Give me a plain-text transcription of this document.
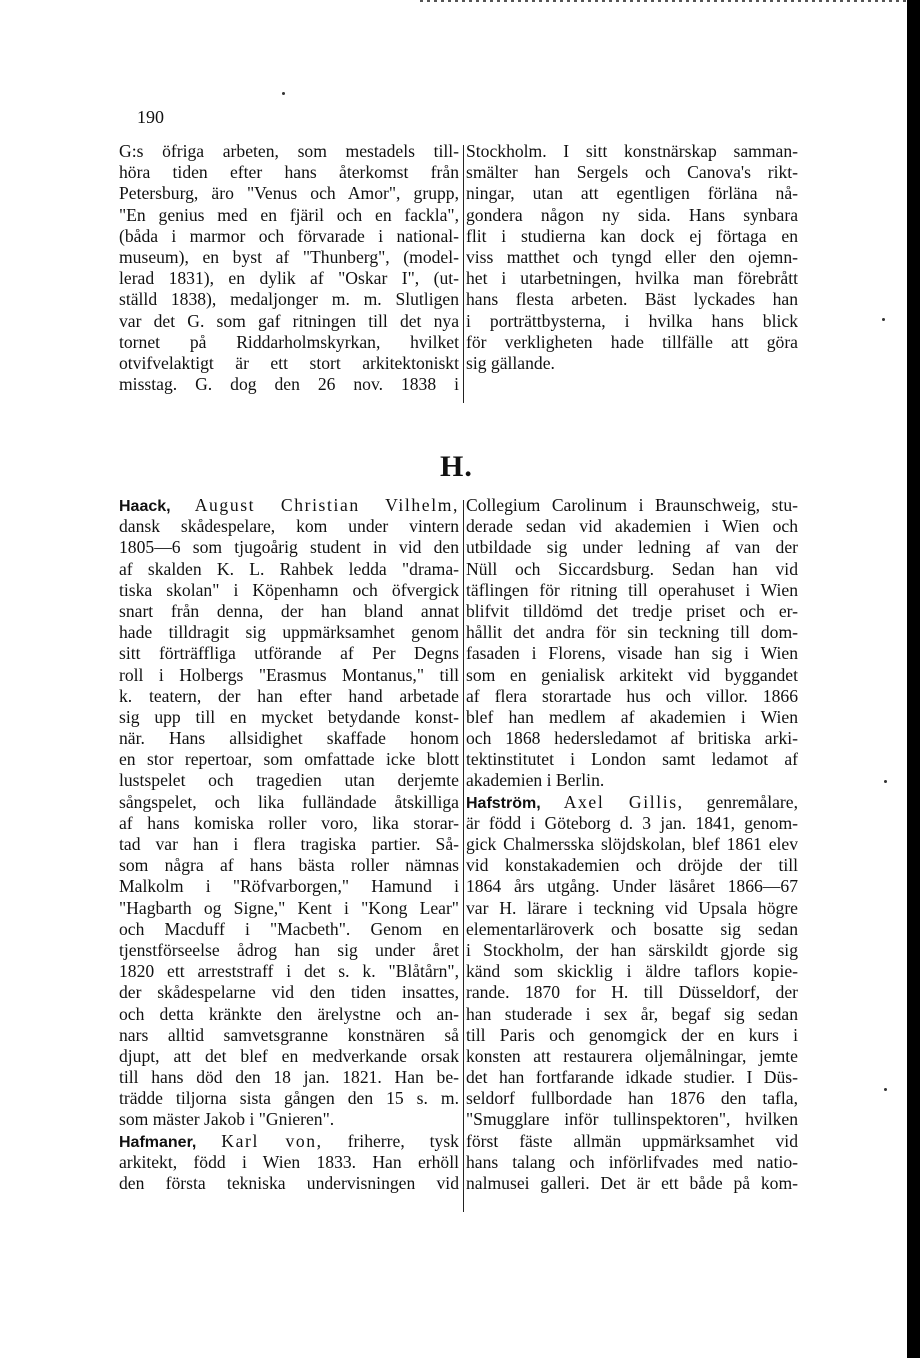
190
G:s öfriga arbeten, som mestadels till-
höra tiden efter hans återkomst från
Petersburg, äro "Venus och Amor", grupp,
"En genius med en fjäril och en fackla",
(båda i marmor och förvarade i national-
museum), en byst af "Thunberg", (model-
lerad 1831), en dylik af "Oskar I", (ut-
ställd 1838), medaljonger m. m. Slutligen
var det G. som gaf ritningen till det nya
tornet på Riddarholmskyrkan, hvilket
otvifvelaktigt är ett stort arkitektoniskt
misstag. G. dog den 26 nov. 1838 i
Stockholm. I sitt konstnärskap samman-
smälter han Sergels och Canova's rikt-
ningar, utan att egentligen förläna nå-
gondera någon ny sida. Hans synbara
flit i studierna kan dock ej förtaga en
viss matthet och tyngd eller den ojemn-
het i utarbetningen, hvilka man förebrått
hans flesta arbeten. Bäst lyckades han
i porträttbysterna, i hvilka hans blick
för verkligheten hade tillfälle att göra
sig gällande.
H.
Haack, August Christian Vilhelm,
dansk skådespelare, kom under vintern
1805—6 som tjugoårig student in vid den
af skalden K. L. Rahbek ledda "drama-
tiska skolan" i Köpenhamn och öfvergick
snart från denna, der han bland annat
hade tilldragit sig uppmärksamhet genom
sitt förträffliga utförande af Per Degns
roll i Holbergs "Erasmus Montanus," till
k. teatern, der han efter hand arbetade
sig upp till en mycket betydande konst-
när. Hans allsidighet skaffade honom
en stor repertoar, som omfattade icke blott
lustspelet och tragedien utan derjemte
sångspelet, och lika fulländade åtskilliga
af hans komiska roller voro, lika storar-
tad var han i flera tragiska partier. Så-
som några af hans bästa roller nämnas
Malkolm i "Röfvarborgen," Hamund i
"Hagbarth og Signe," Kent i "Kong Lear"
och Macduff i "Macbeth". Genom en
tjenstförseelse ådrog han sig under året
1820 ett arreststraff i det s. k. "Blåtårn",
der skådespelarne vid den tiden insattes,
och detta kränkte den ärelystne och an-
nars alltid samvetsgranne konstnären så
djupt, att det blef en medverkande orsak
till hans död den 18 jan. 1821. Han be-
trädde tiljorna sista gången den 15 s. m.
som mäster Jakob i "Gnieren".
Hafmaner, Karl von, friherre, tysk
arkitekt, född i Wien 1833. Han erhöll
den första tekniska undervisningen vid
Collegium Carolinum i Braunschweig, stu-
derade sedan vid akademien i Wien och
utbildade sig under ledning af van der
Nüll och Siccardsburg. Sedan han vid
täflingen för ritning till operahuset i Wien
blifvit tilldömd det tredje priset och er-
hållit det andra för sin teckning till dom-
fasaden i Florens, visade han sig i Wien
som en genialisk arkitekt vid byggandet
af flera storartade hus och villor. 1866
blef han medlem af akademien i Wien
och 1868 hedersledamot af britiska arki-
tektinstitutet i London samt ledamot af
akademien i Berlin.
Hafström, Axel Gillis, genremålare,
är född i Göteborg d. 3 jan. 1841, genom-
gick Chalmersska slöjdskolan, blef 1861 elev
vid konstakademien och dröjde der till
1864 års utgång. Under läsåret 1866—67
var H. lärare i teckning vid Upsala högre
elementarläroverk och bosatte sig sedan
i Stockholm, der han särskildt gjorde sig
känd som skicklig i äldre taflors kopie-
rande. 1870 for H. till Düsseldorf, der
han studerade i sex år, begaf sig sedan
till Paris och genomgick der en kurs i
konsten att restaurera oljemålningar, jemte
det han fortfarande idkade studier. I Düs-
seldorf fullbordade han 1876 den tafla,
"Smugglare inför tullinspektoren", hvilken
först fäste allmän uppmärksamhet vid
hans talang och införlifvades med natio-
nalmusei galleri. Det är ett både på kom-
